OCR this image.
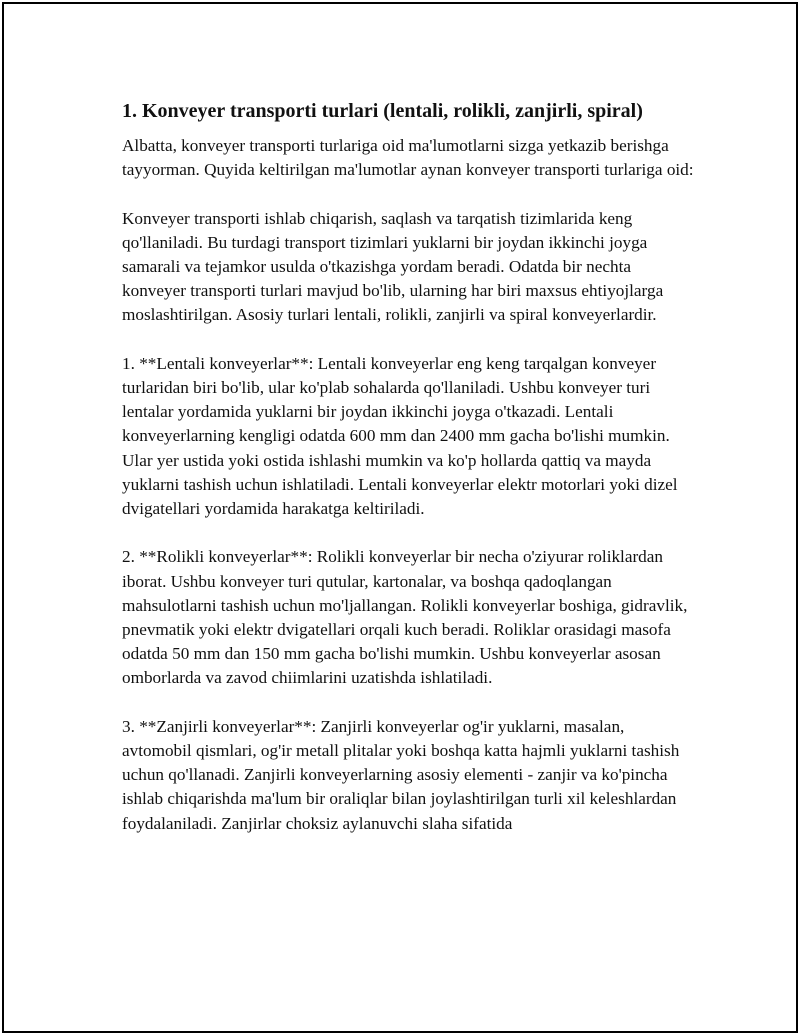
1. Konveyer transporti turlari (lentali, rolikli, zanjirli, spiral)

Albatta, konveyer transporti turlariga oid ma'lumotlarni sizga yetkazib berishga tayyorman. Quyida keltirilgan ma'lumotlar aynan konveyer transporti turlariga oid:

Konveyer transporti ishlab chiqarish, saqlash va tarqatish tizimlarida keng qo'llaniladi. Bu turdagi transport tizimlari yuklarni bir joydan ikkinchi joyga samarali va tejamkor usulda o'tkazishga yordam beradi. Odatda bir nechta konveyer transporti turlari mavjud bo'lib, ularning har biri maxsus ehtiyojlarga moslashtirilgan. Asosiy turlari lentali, rolikli, zanjirli va spiral konveyerlardir.

1. **Lentali konveyerlar**: Lentali konveyerlar eng keng tarqalgan konveyer turlaridan biri bo'lib, ular ko'plab sohalarda qo'llaniladi. Ushbu konveyer turi lentalar yordamida yuklarni bir joydan ikkinchi joyga o'tkazadi. Lentali konveyerlarning kengligi odatda 600 mm dan 2400 mm gacha bo'lishi mumkin. Ular yer ustida yoki ostida ishlashi mumkin va ko'p hollarda qattiq va mayda yuklarni tashish uchun ishlatiladi. Lentali konveyerlar elektr motorlari yoki dizel dvigatellari yordamida harakatga keltiriladi.

2. **Rolikli konveyerlar**: Rolikli konveyerlar bir necha o'ziyurar roliklardan iborat. Ushbu konveyer turi qutular, kartonalar, va boshqa qadoqlangan mahsulotlarni tashish uchun mo'ljallangan. Rolikli konveyerlar boshiga, gidravlik, pnevmatik yoki elektr dvigatellari orqali kuch beradi. Roliklar orasidagi masofa odatda 50 mm dan 150 mm gacha bo'lishi mumkin. Ushbu konveyerlar asosan omborlarda va zavod chiimlarini uzatishda ishlatiladi.

3. **Zanjirli konveyerlar**: Zanjirli konveyerlar og'ir yuklarni, masalan, avtomobil qismlari, og'ir metall plitalar yoki boshqa katta hajmli yuklarni tashish uchun qo'llanadi. Zanjirli konveyerlarning asosiy elementi - zanjir va ko'pincha ishlab chiqarishda ma'lum bir oraliqlar bilan joylashtirilgan turli xil keleshlardan foydalaniladi. Zanjirlar choksiz aylanuvchi slaha sifatida
